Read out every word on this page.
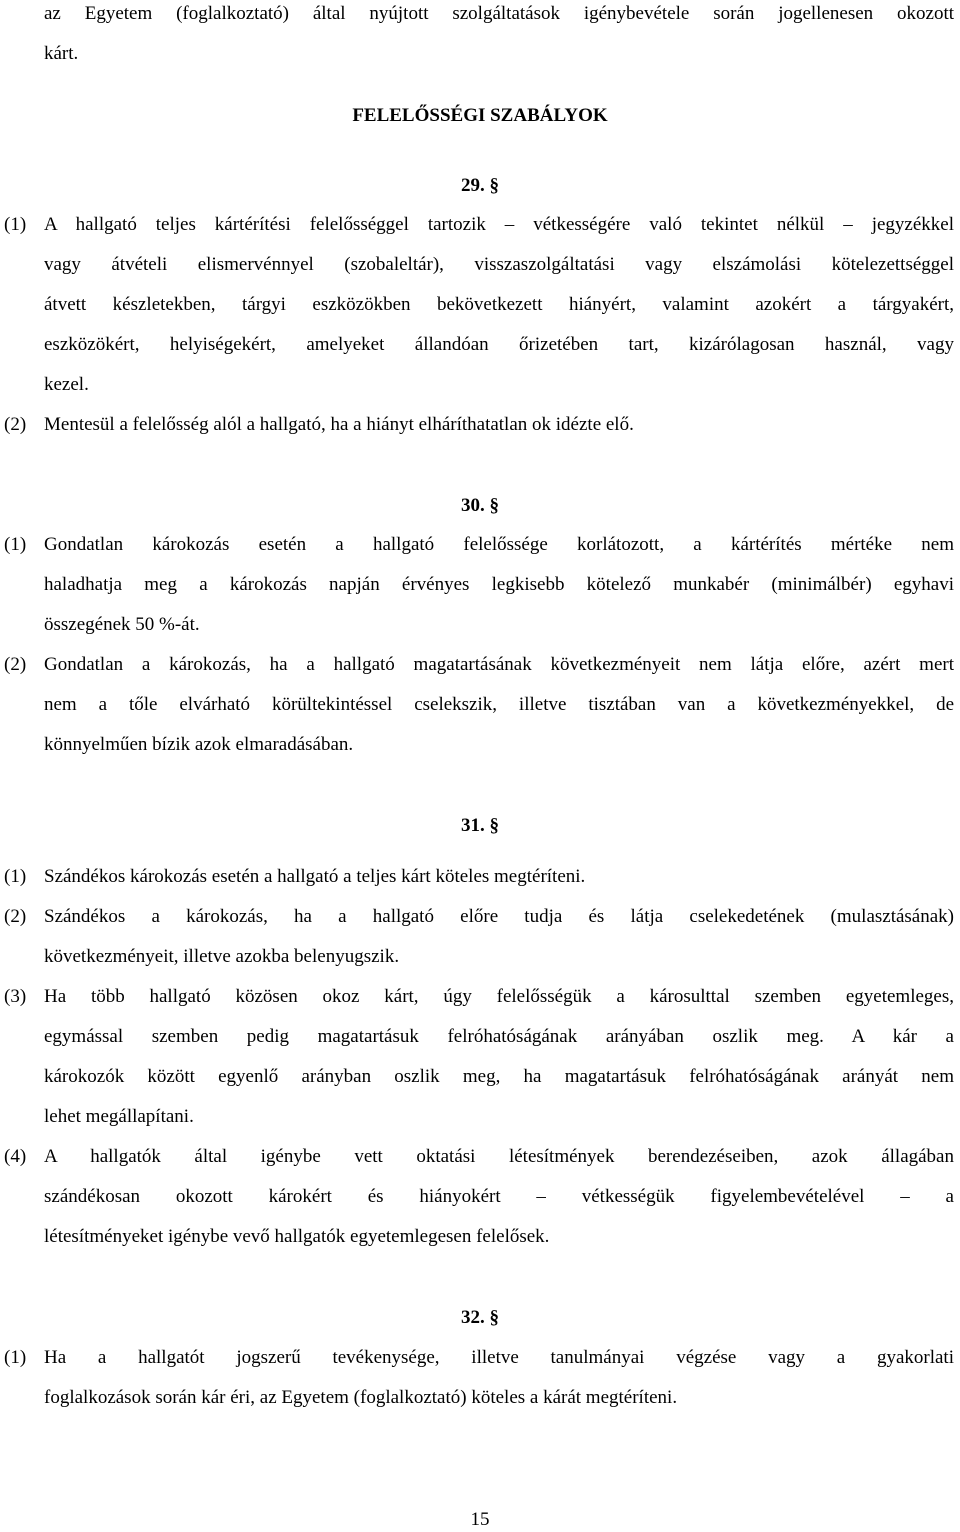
az Egyetem (foglalkoztató) által nyújtott szolgáltatások igénybevétele során jogellenesen okozott
kárt.
FELELŐSSÉGI SZABÁLYOK
29. §
(1) A hallgató teljes kártérítési felelősséggel tartozik – vétkességére való tekintet nélkül – jegyzékkel
vagy átvételi elismervénnyel (szobaleltár), visszaszolgáltatási vagy elszámolási kötelezettséggel
átvett készletekben, tárgyi eszközökben bekövetkezett hiányért, valamint azokért a tárgyakért,
eszközökért, helyiségekért, amelyeket állandóan őrizetében tart, kizárólagosan használ, vagy
kezel.
(2) Mentesül a felelősség alól a hallgató, ha a hiányt elháríthatatlan ok idézte elő.
30. §
(1) Gondatlan károkozás esetén a hallgató felelőssége korlátozott, a kártérítés mértéke nem
haladhatja meg a károkozás napján érvényes legkisebb kötelező munkabér (minimálbér) egyhavi
összegének 50 %-át.
(2) Gondatlan a károkozás, ha a hallgató magatartásának következményeit nem látja előre, azért mert
nem a tőle elvárható körültekintéssel cselekszik, illetve tisztában van a következményekkel, de
könnyelműen bízik azok elmaradásában.
31. §
(1) Szándékos károkozás esetén a hallgató a teljes kárt köteles megtéríteni.
(2) Szándékos a károkozás, ha a hallgató előre tudja és látja cselekedetének (mulasztásának)
következményeit, illetve azokba belenyugszik.
(3) Ha több hallgató közösen okoz kárt, úgy felelősségük a károsulttal szemben egyetemleges,
egymással szemben pedig magatartásuk felróhatóságának arányában oszlik meg. A kár a
károkozók között egyenlő arányban oszlik meg, ha magatartásuk felróhatóságának arányát nem
lehet megállapítani.
(4) A hallgatók által igénybe vett oktatási létesítmények berendezéseiben, azok állagában
szándékosan okozott károkért és hiányokért – vétkességük figyelembevételével – a
létesítményeket igénybe vevő hallgatók egyetemlegesen felelősek.
32. §
(1) Ha a hallgatót jogszerű tevékenysége, illetve tanulmányai végzése vagy a gyakorlati
foglalkozások során kár éri, az Egyetem (foglalkoztató) köteles a kárát megtéríteni.
15
